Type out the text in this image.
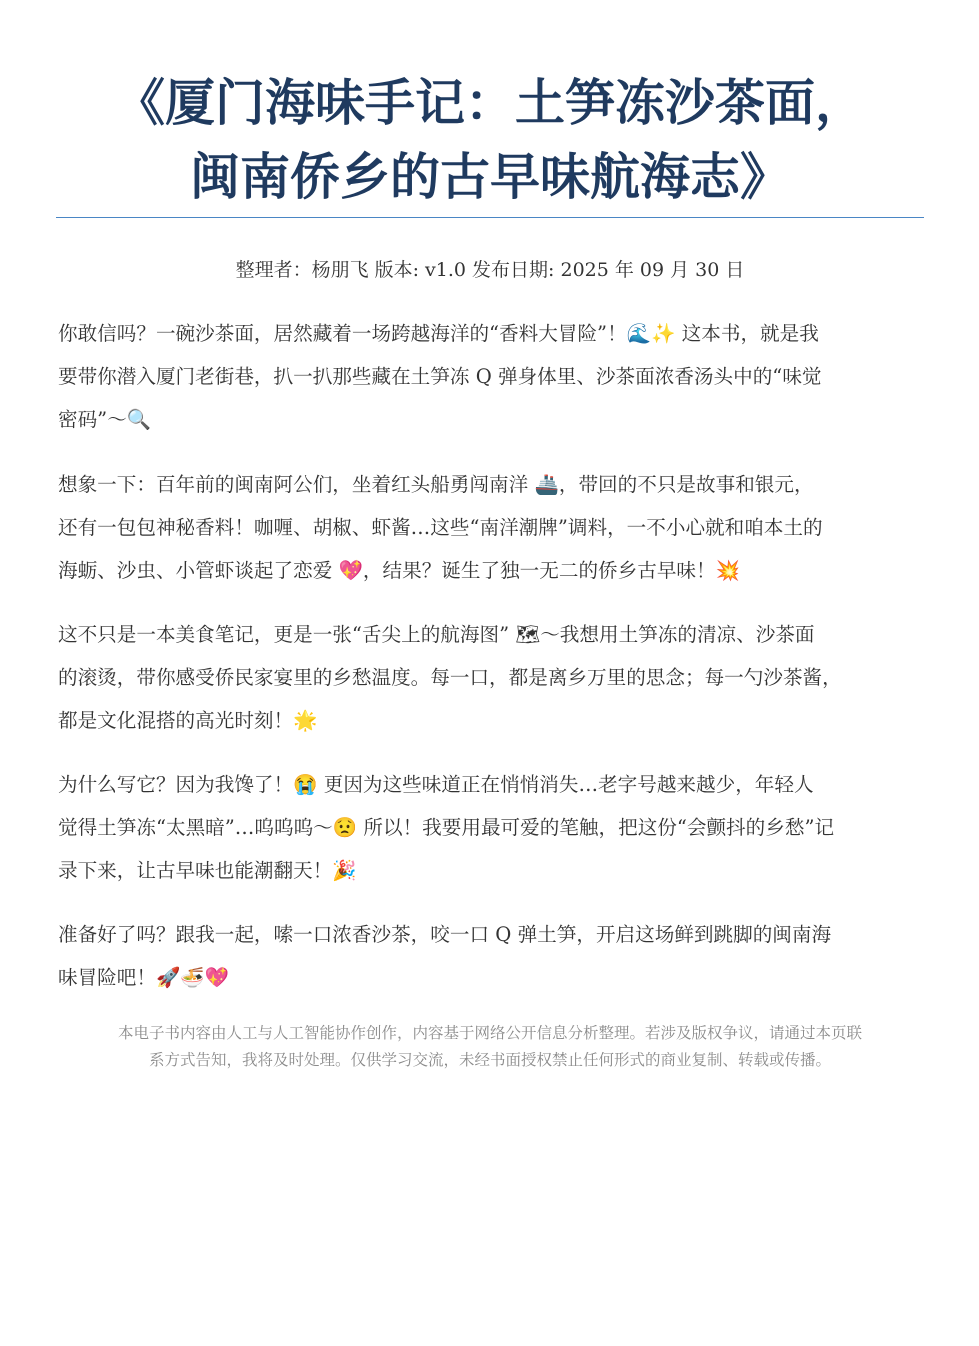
《厦门海味手记：土笋冻沙茶面，
闽南侨乡的古早味航海志》
整理者：杨朋飞 版本: v1.0 发布日期: 2025 年 09 月 30 日

你敢信吗？一碗沙茶面，居然藏着一场跨越海洋的“香料大冒险”！🌊✨ 这本书，就是我
要带你潜入厦门老街巷，扒一扒那些藏在土笋冻 Q 弹身体里、沙茶面浓香汤头中的“味觉
密码”～🔍

想象一下：百年前的闽南阿公们，坐着红头船勇闯南洋 🚢，带回的不只是故事和银元，
还有一包包神秘香料！咖喱、胡椒、虾酱…这些“南洋潮牌”调料，一不小心就和咱本土的
海蛎、沙虫、小管虾谈起了恋爱 💖，结果？诞生了独一无二的侨乡古早味！💥

这不只是一本美食笔记，更是一张“舌尖上的航海图” 🗺～我想用土笋冻的清凉、沙茶面
的滚烫，带你感受侨民家宴里的乡愁温度。每一口，都是离乡万里的思念；每一勺沙茶酱，
都是文化混搭的高光时刻！🌟

为什么写它？因为我馋了！😭 更因为这些味道正在悄悄消失…老字号越来越少，年轻人
觉得土笋冻“太黑暗”…呜呜呜～😟 所以！我要用最可爱的笔触，把这份“会颤抖的乡愁”记
录下来，让古早味也能潮翻天！🎉

准备好了吗？跟我一起，嗦一口浓香沙茶，咬一口 Q 弹土笋，开启这场鲜到跳脚的闽南海
味冒险吧！🚀🍜💖

本电子书内容由人工与人工智能协作创作，内容基于网络公开信息分析整理。若涉及版权争议，请通过本页联
系方式告知，我将及时处理。仅供学习交流，未经书面授权禁止任何形式的商业复制、转载或传播。
